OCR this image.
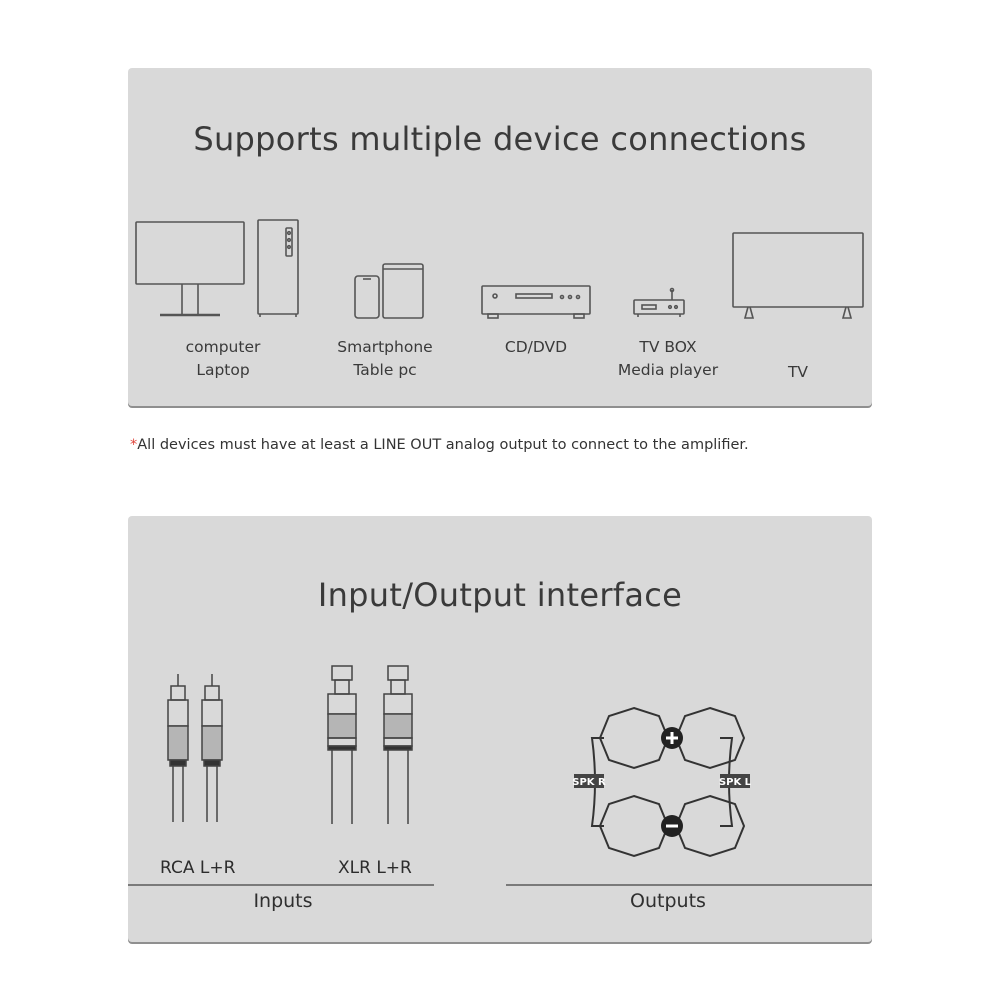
Supports multiple device connections
computer
Laptop
Smartphone
Table pc
CD/DVD	TV BOX
Media player	TV
*All devices must have at least a LINE OUT analog output to connect to the amplifier.
Input/Output interface
SPK R	SPK L
RCA L+R	XLR L+R
Inputs	Outputs
